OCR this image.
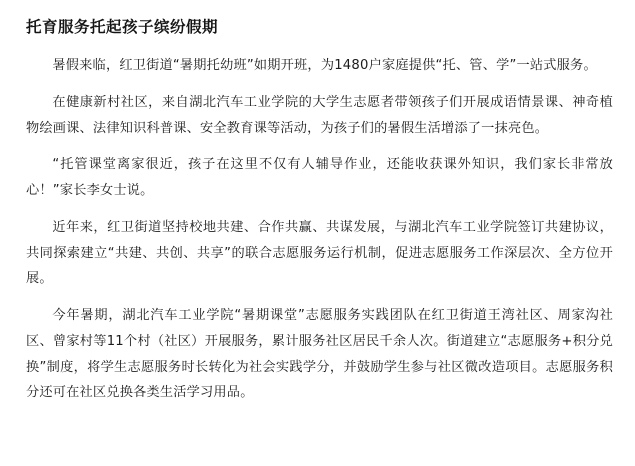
托育服务托起孩子缤纷假期

暑假来临，红卫街道“暑期托幼班”如期开班，为1480户家庭提供“托、管、学”一站式服务。

在健康新村社区，来自湖北汽车工业学院的大学生志愿者带领孩子们开展成语情景课、神奇植物绘画课、法律知识科普课、安全教育课等活动，为孩子们的暑假生活增添了一抹亮色。

“托管课堂离家很近，孩子在这里不仅有人辅导作业，还能收获课外知识，我们家长非常放心！”家长李女士说。

近年来，红卫街道坚持校地共建、合作共赢、共谋发展，与湖北汽车工业学院签订共建协议，共同探索建立“共建、共创、共享”的联合志愿服务运行机制，促进志愿服务工作深层次、全方位开展。

今年暑期，湖北汽车工业学院“暑期课堂”志愿服务实践团队在红卫街道王湾社区、周家沟社区、曾家村等11个村（社区）开展服务，累计服务社区居民千余人次。街道建立“志愿服务+积分兑换”制度，将学生志愿服务时长转化为社会实践学分，并鼓励学生参与社区微改造项目。志愿服务积分还可在社区兑换各类生活学习用品。
